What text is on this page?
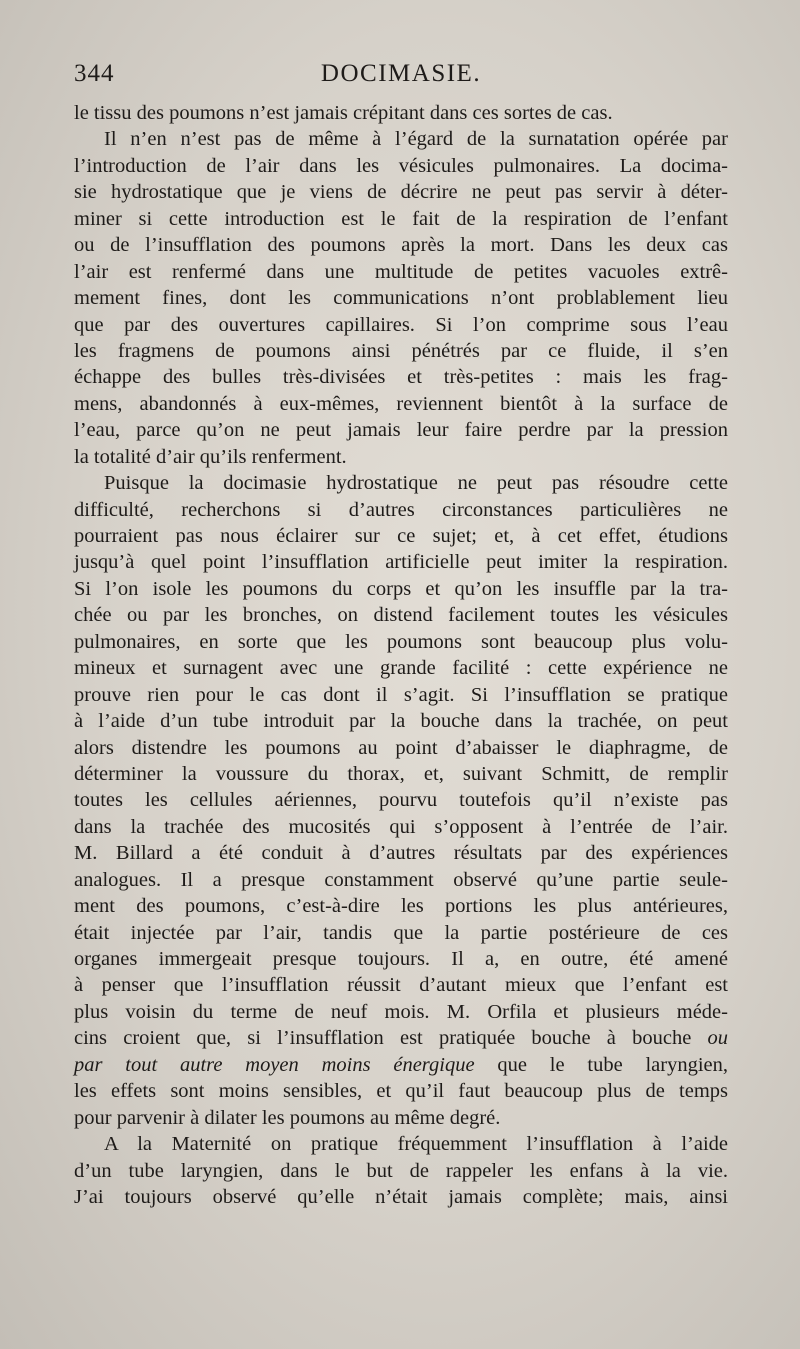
344	DOCIMASIE.
le tissu des poumons n’est jamais crépitant dans ces sortes de cas.
Il n’en n’est pas de même à l’égard de la surnatation opérée par
l’introduction de l’air dans les vésicules pulmonaires. La docima-
sie hydrostatique que je viens de décrire ne peut pas servir à déter-
miner si cette introduction est le fait de la respiration de l’enfant
ou de l’insufflation des poumons après la mort. Dans les deux cas
l’air est renfermé dans une multitude de petites vacuoles extrê-
mement fines, dont les communications n’ont problablement lieu
que par des ouvertures capillaires. Si l’on comprime sous l’eau
les fragmens de poumons ainsi pénétrés par ce fluide, il s’en
échappe des bulles très-divisées et très-petites : mais les frag-
mens, abandonnés à eux-mêmes, reviennent bientôt à la surface de
l’eau, parce qu’on ne peut jamais leur faire perdre par la pression
la totalité d’air qu’ils renferment.
Puisque la docimasie hydrostatique ne peut pas résoudre cette
difficulté, recherchons si d’autres circonstances particulières ne
pourraient pas nous éclairer sur ce sujet; et, à cet effet, étudions
jusqu’à quel point l’insufflation artificielle peut imiter la respiration.
Si l’on isole les poumons du corps et qu’on les insuffle par la tra-
chée ou par les bronches, on distend facilement toutes les vésicules
pulmonaires, en sorte que les poumons sont beaucoup plus volu-
mineux et surnagent avec une grande facilité : cette expérience ne
prouve rien pour le cas dont il s’agit. Si l’insufflation se pratique
à l’aide d’un tube introduit par la bouche dans la trachée, on peut
alors distendre les poumons au point d’abaisser le diaphragme, de
déterminer la voussure du thorax, et, suivant Schmitt, de remplir
toutes les cellules aériennes, pourvu toutefois qu’il n’existe pas
dans la trachée des mucosités qui s’opposent à l’entrée de l’air.
M. Billard a été conduit à d’autres résultats par des expériences
analogues. Il a presque constamment observé qu’une partie seule-
ment des poumons, c’est-à-dire les portions les plus antérieures,
était injectée par l’air, tandis que la partie postérieure de ces
organes immergeait presque toujours. Il a, en outre, été amené
à penser que l’insufflation réussit d’autant mieux que l’enfant est
plus voisin du terme de neuf mois. M. Orfila et plusieurs méde-
cins croient que, si l’insufflation est pratiquée bouche à bouche ou
par tout autre moyen moins énergique que le tube laryngien,
les effets sont moins sensibles, et qu’il faut beaucoup plus de temps
pour parvenir à dilater les poumons au même degré.
A la Maternité on pratique fréquemment l’insufflation à l’aide
d’un tube laryngien, dans le but de rappeler les enfans à la vie.
J’ai toujours observé qu’elle n’était jamais complète; mais, ainsi
